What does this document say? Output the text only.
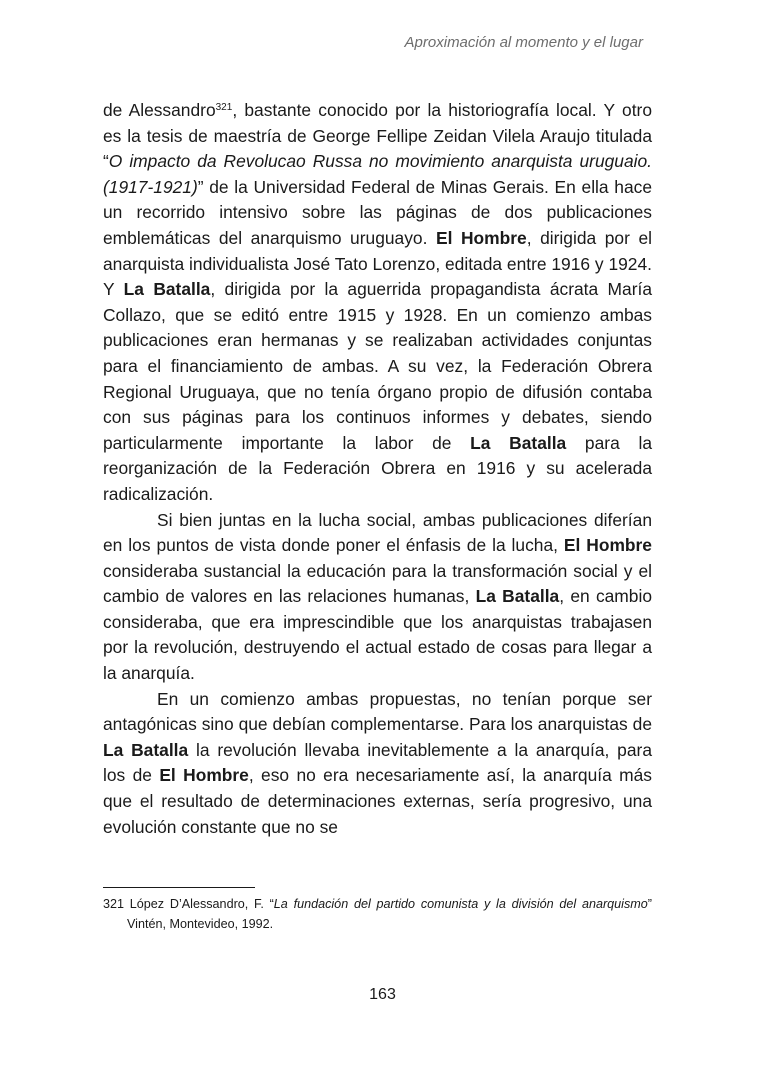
Aproximación al momento y el lugar

de Alessandro$^{321}$, bastante conocido por la historiografía local. Y otro es la tesis de maestría de George Fellipe Zeidan Vilela Araujo titulada “O impacto da Revolucao Russa no movimiento anarquista uruguaio. (1917-1921)” de la Universidad Federal de Minas Gerais. En ella hace un recorrido intensivo sobre las páginas de dos publicaciones emblemáticas del anarquismo uruguayo. El Hombre, dirigida por el anarquista individualista José Tato Lorenzo, editada entre 1916 y 1924. Y La Batalla, dirigida por la aguerrida propagandista ácrata María Collazo, que se editó entre 1915 y 1928. En un comienzo ambas publicaciones eran hermanas y se realizaban actividades conjuntas para el financiamiento de ambas. A su vez, la Federación Obrera Regional Uruguaya, que no tenía órgano propio de difusión contaba con sus páginas para los continuos informes y debates, siendo particularmente importante la labor de La Batalla para la reorganización de la Federación Obrera en 1916 y su acelerada radicalización.

Si bien juntas en la lucha social, ambas publicaciones diferían en los puntos de vista donde poner el énfasis de la lucha, El Hombre consideraba sustancial la educación para la transformación social y el cambio de valores en las relaciones humanas, La Batalla, en cambio consideraba, que era imprescindible que los anarquistas trabajasen por la revolución, destruyendo el actual estado de cosas para llegar a la anarquía.

En un comienzo ambas propuestas, no tenían porque ser antagónicas sino que debían complementarse. Para los anarquistas de La Batalla la revolución llevaba inevitablemente a la anarquía, para los de El Hombre, eso no era necesariamente así, la anarquía más que el resultado de determinaciones externas, sería progresivo, una evolución constante que no se

321 López D’Alessandro, F. “La fundación del partido comunista y la división del anarquismo” Vintén, Montevideo, 1992.
163
